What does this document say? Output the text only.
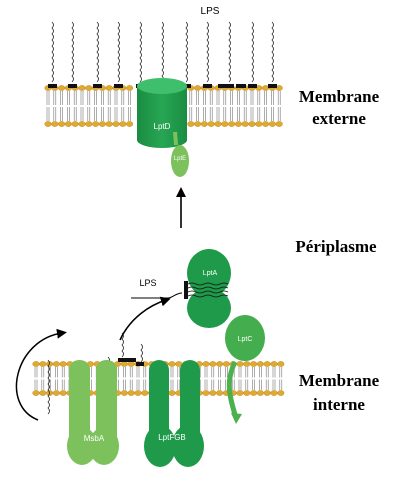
LptD
LptE
MsbA	LptFGB
LptC
LptA
LPS
LPS
Membrane
externe
Périplasme
Membrane
interne
